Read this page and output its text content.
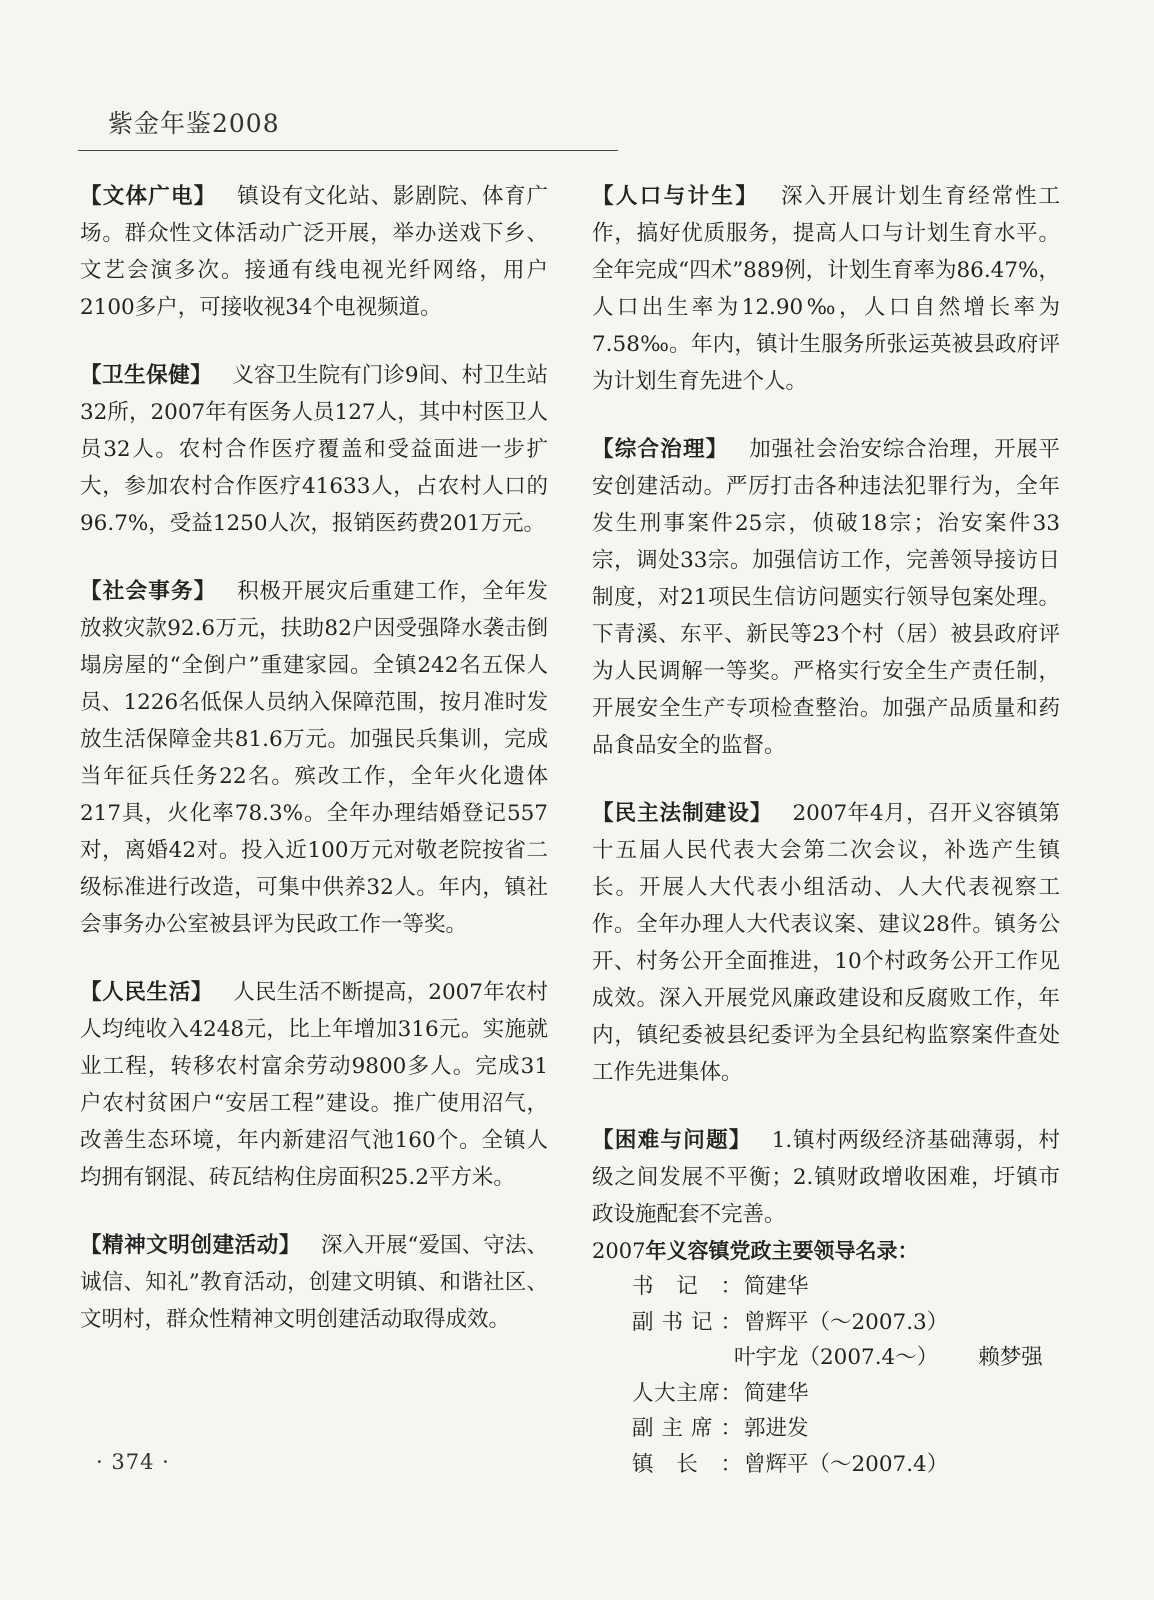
紫金年鉴2008

【文体广电】 镇设有文化站、影剧院、体育广场。群众性文体活动广泛开展，举办送戏下乡、文艺会演多次。接通有线电视光纤网络，用户2100多户，可接收视34个电视频道。

【卫生保健】 义容卫生院有门诊9间、村卫生站32所，2007年有医务人员127人，其中村医卫人员32人。农村合作医疗覆盖和受益面进一步扩大，参加农村合作医疗41633人，占农村人口的96.7%，受益1250人次，报销医药费201万元。

【社会事务】 积极开展灾后重建工作，全年发放救灾款92.6万元，扶助82户因受强降水袭击倒塌房屋的“全倒户”重建家园。全镇242名五保人员、1226名低保人员纳入保障范围，按月准时发放生活保障金共81.6万元。加强民兵集训，完成当年征兵任务22名。殡改工作，全年火化遗体217具，火化率78.3%。全年办理结婚登记557对，离婚42对。投入近100万元对敬老院按省二级标准进行改造，可集中供养32人。年内，镇社会事务办公室被县评为民政工作一等奖。

【人民生活】 人民生活不断提高，2007年农村人均纯收入4248元，比上年增加316元。实施就业工程，转移农村富余劳动9800多人。完成31户农村贫困户“安居工程”建设。推广使用沼气，改善生态环境，年内新建沼气池160个。全镇人均拥有钢混、砖瓦结构住房面积25.2平方米。

【精神文明创建活动】 深入开展“爱国、守法、诚信、知礼”教育活动，创建文明镇、和谐社区、文明村，群众性精神文明创建活动取得成效。

【人口与计生】 深入开展计划生育经常性工作，搞好优质服务，提高人口与计划生育水平。全年完成“四术”889例，计划生育率为86.47%，人口出生率为12.90‰，人口自然增长率为7.58‰。年内，镇计生服务所张运英被县政府评为计划生育先进个人。

【综合治理】 加强社会治安综合治理，开展平安创建活动。严厉打击各种违法犯罪行为，全年发生刑事案件25宗，侦破18宗；治安案件33宗，调处33宗。加强信访工作，完善领导接访日制度，对21项民生信访问题实行领导包案处理。下青溪、东平、新民等23个村（居）被县政府评为人民调解一等奖。严格实行安全生产责任制，开展安全生产专项检查整治。加强产品质量和药品食品安全的监督。

【民主法制建设】 2007年4月，召开义容镇第十五届人民代表大会第二次会议，补选产生镇长。开展人大代表小组活动、人大代表视察工作。全年办理人大代表议案、建议28件。镇务公开、村务公开全面推进，10个村政务公开工作见成效。深入开展党风廉政建设和反腐败工作，年内，镇纪委被县纪委评为全县纪构监察案件查处工作先进集体。

【困难与问题】 1.镇村两级经济基础薄弱，村级之间发展不平衡；2.镇财政增收困难，圩镇市政设施配套不完善。

2007年义容镇党政主要领导名录：
书记：简建华
副书记：曾辉平（～2007.3）
叶宇龙（2007.4～） 赖梦强
人大主席：简建华
副主席：郭进发
镇长：曾辉平（～2007.4）
· 374 ·
